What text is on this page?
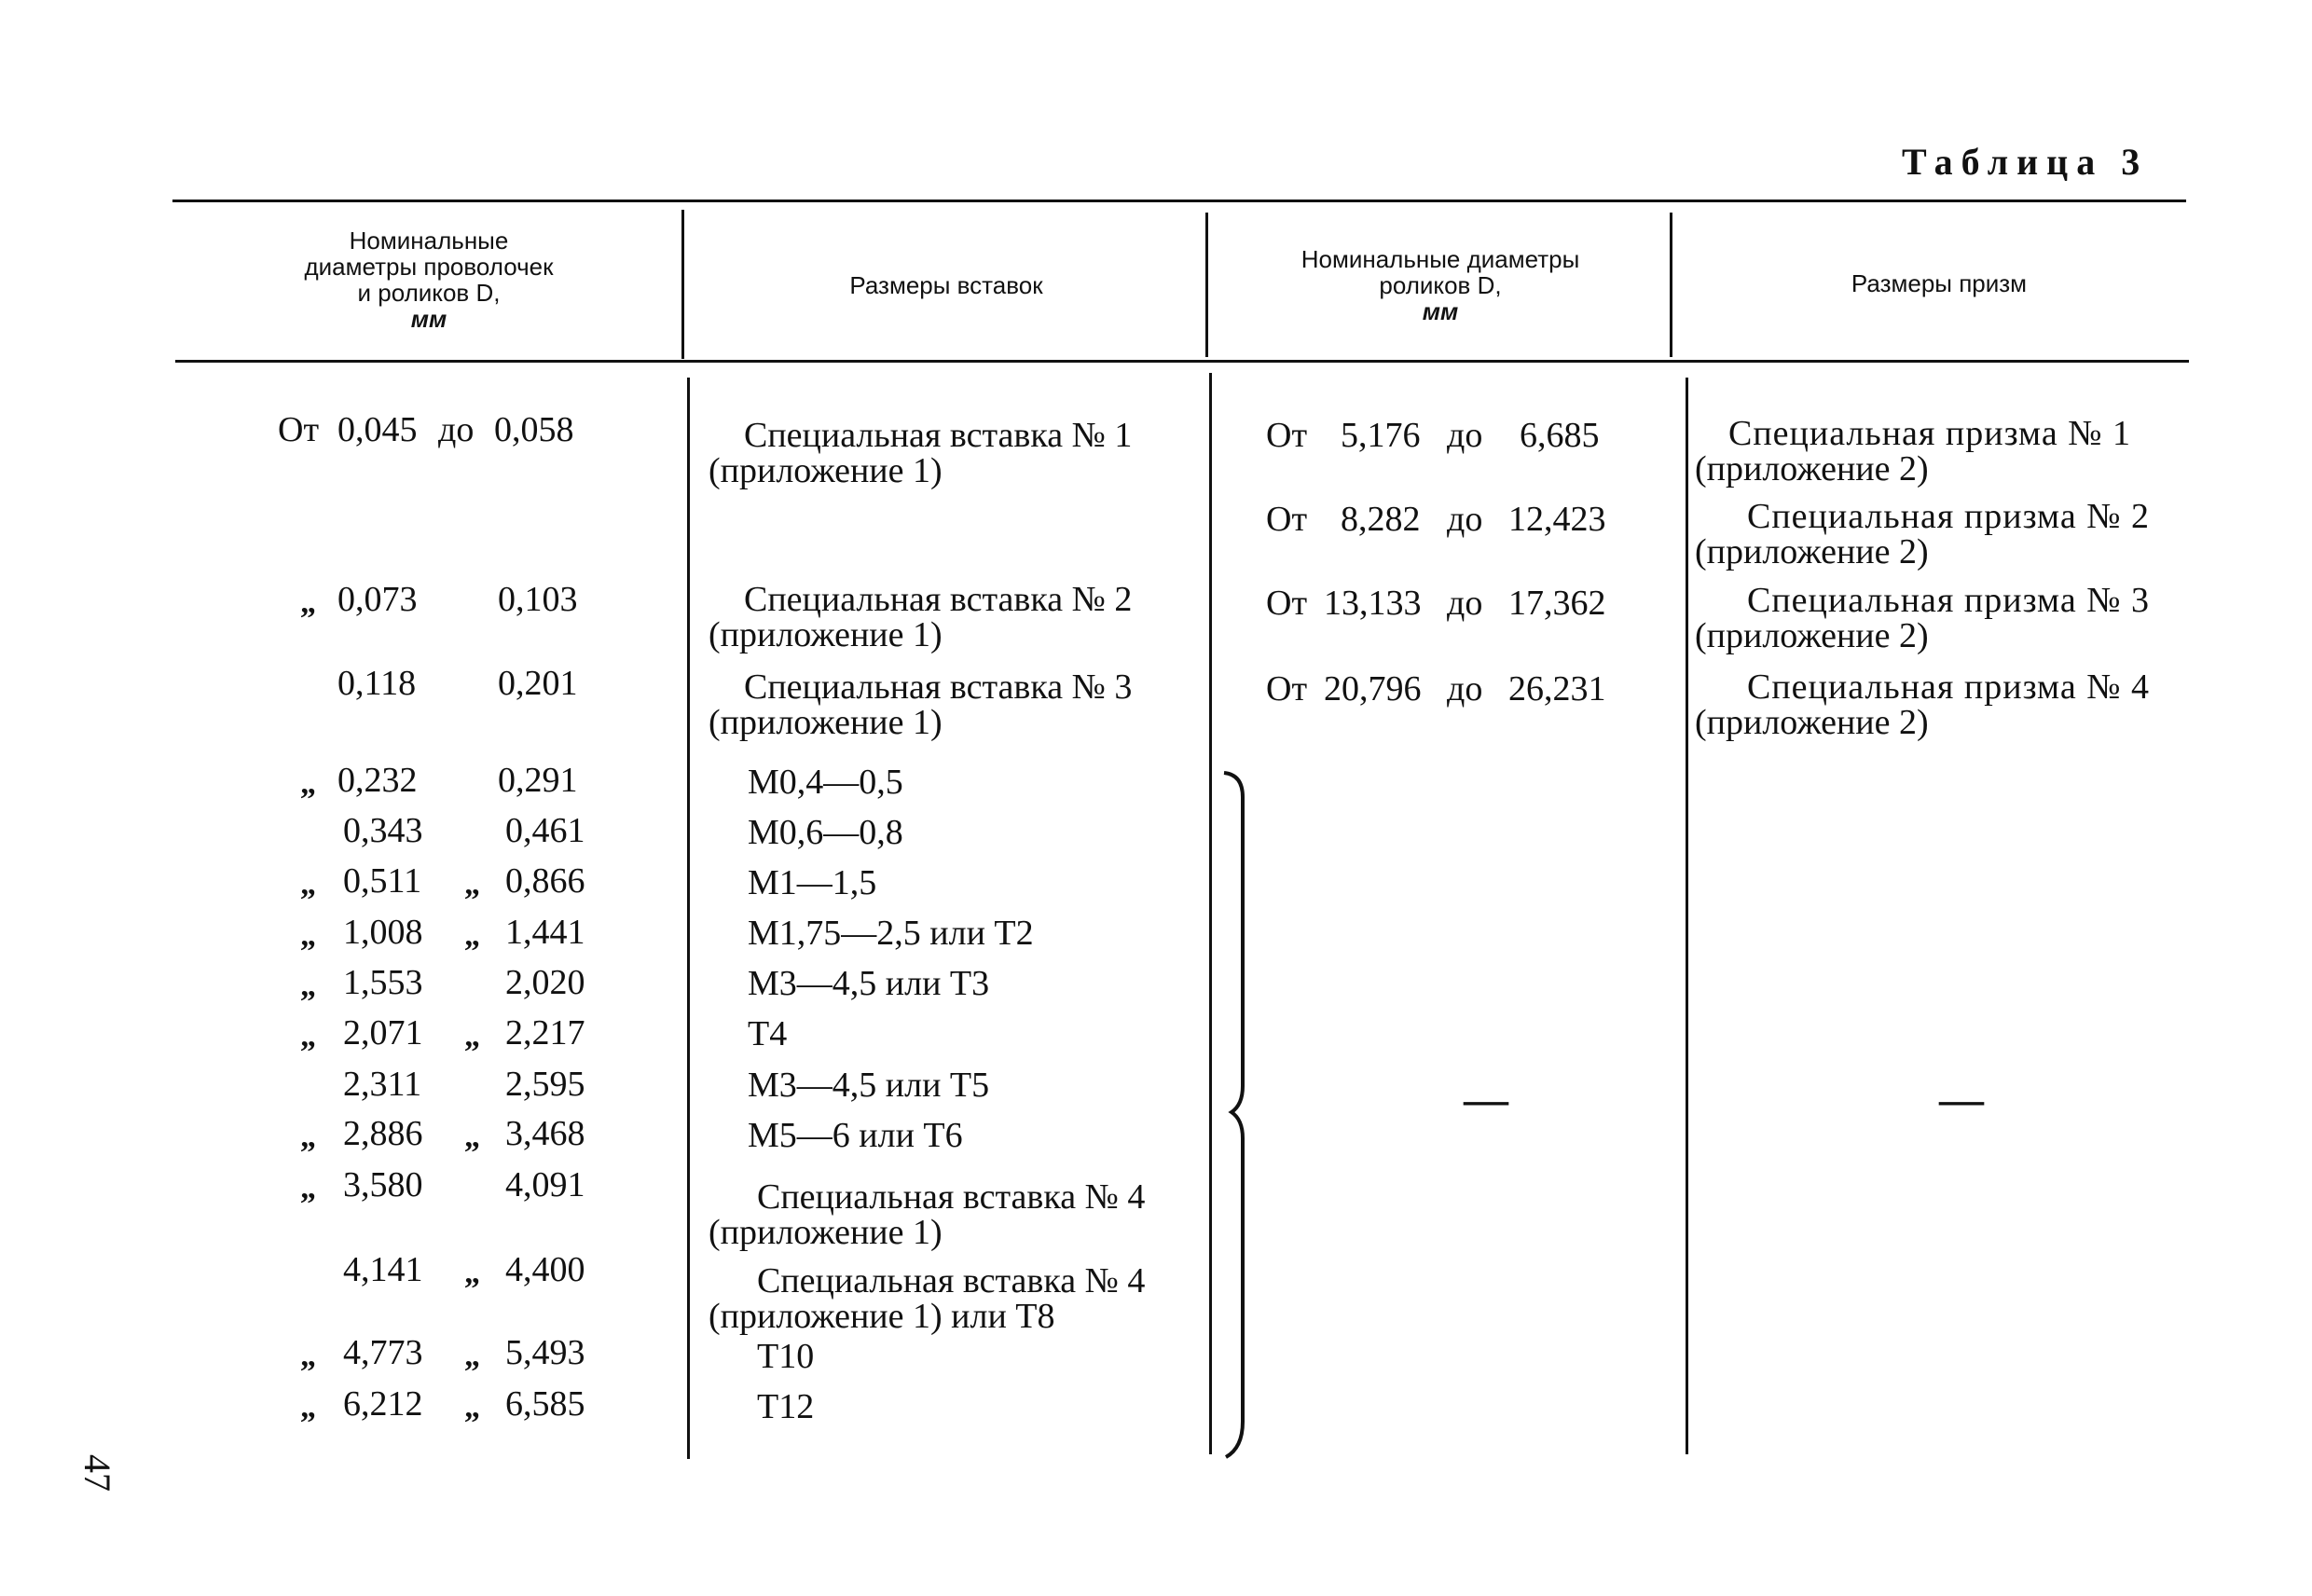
Таблица 3
Номинальные
диаметры проволочек
и роликов D,
мм
Размеры вставок
Номинальные диаметры
роликов D,
мм
Размеры призм
От 0,045 до 0,058
„ 0,073 0,103
0,118 0,201
„ 0,232 0,291
0,343 0,461
„ 0,511 „ 0,866
„ 1,008 „ 1,441
„ 1,553 2,020
„ 2,071 „ 2,217
2,311 2,595
„ 2,886 „ 3,468
„ 3,580 4,091
4,141 „ 4,400
„ 4,773 „ 5,493
„ 6,212 „ 6,585
Специальная вставка № 1
(приложение 1)
Специальная вставка № 2
(приложение 1)
Специальная вставка № 3
(приложение 1)
М0,4—0,5
М0,6—0,8
М1—1,5
М1,75—2,5 или Т2
М3—4,5 или Т3
Т4
М3—4,5 или Т5
М5—6 или Т6
Специальная вставка № 4
(приложение 1)
Специальная вставка № 4
(приложение 1) или Т8
Т10
Т12
От 5,176 до 6,685
От 8,282 до 12,423
От 13,133 до 17,362
От 20,796 до 26,231
Специальная призма № 1
(приложение 2)
Специальная призма № 2
(приложение 2)
Специальная призма № 3
(приложение 2)
Специальная призма № 4
(приложение 2)
—	—
47
